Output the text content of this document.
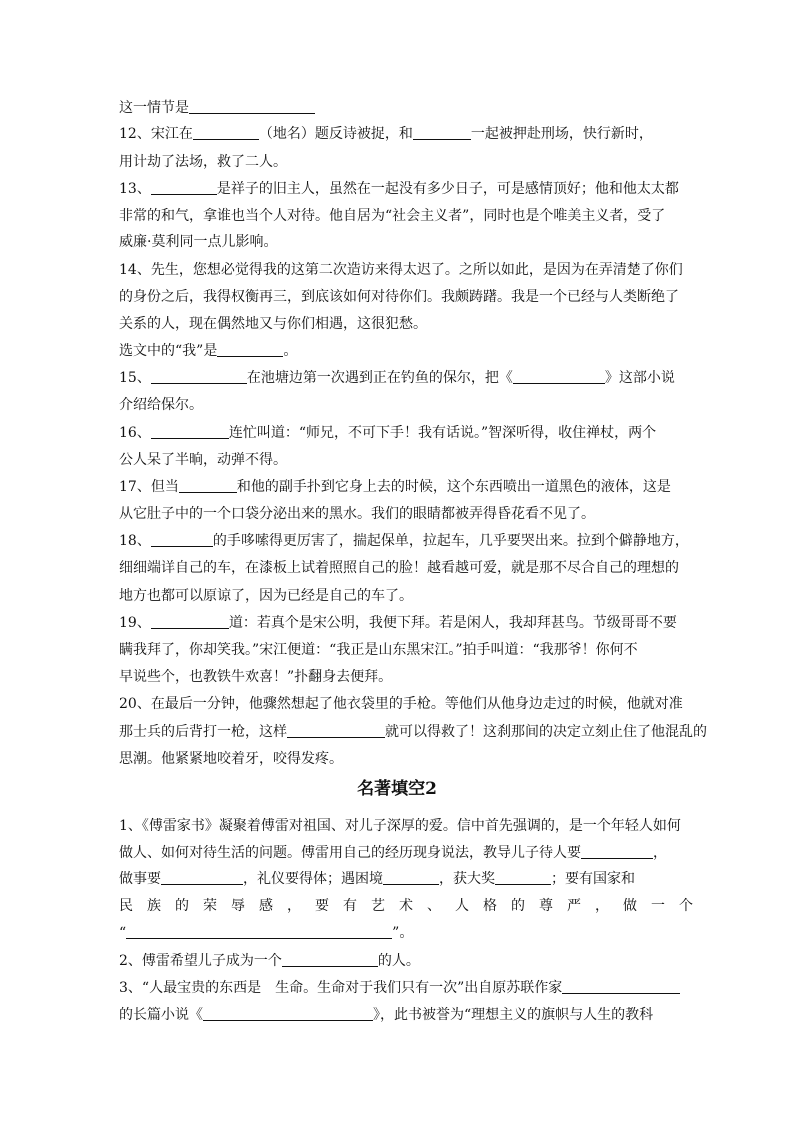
这一情节是
12、宋江在	（地名）题反诗被捉，和	一起被押赴刑场，快行新时，
用计劫了法场，救了二人。
13、	是祥子的旧主人，虽然在一起没有多少日子，可是感情顶好；他和他太太都
非常的和气，拿谁也当个人对待。他自居为“社会主义者”，同时也是个唯美主义者，受了
威廉·莫利同一点儿影响。
14、先生，您想必觉得我的这第二次造访来得太迟了。之所以如此，是因为在弄清楚了你们
的身份之后，我得权衡再三，到底该如何对待你们。我颇踌躇。我是一个已经与人类断绝了
关系的人，现在偶然地又与你们相遇，这很犯愁。
选文中的“我”是	。
15、	在池塘边第一次遇到正在钓鱼的保尔，把《	》这部小说
介绍给保尔。
16、	连忙叫道：“师兄，不可下手！我有话说。”智深听得，收住禅杖，两个
公人呆了半晌，动弹不得。
17、但当	和他的副手扑到它身上去的时候，这个东西喷出一道黑色的液体，这是
从它肚子中的一个口袋分泌出来的黑水。我们的眼睛都被弄得昏花看不见了。
18、	的手哆嗦得更厉害了，揣起保单，拉起车，几乎要哭出来。拉到个僻静地方，
细细端详自己的车，在漆板上试着照照自己的脸！越看越可爱，就是那不尽合自己的理想的
地方也都可以原谅了，因为已经是自己的车了。
19、	道：若真个是宋公明，我便下拜。若是闲人，我却拜甚鸟。节级哥哥不要
瞒我拜了，你却笑我。”宋江便道：“我正是山东黑宋江。”拍手叫道：“我那爷！你何不
早说些个，也教铁牛欢喜！”扑翻身去便拜。
20、在最后一分钟，他骤然想起了他衣袋里的手枪。等他们从他身边走过的时候，他就对准
那士兵的后背打一枪，这样	就可以得救了！这刹那间的决定立刻止住了他混乱的
思潮。他紧紧地咬着牙，咬得发疼。
名著填空2
1、《傅雷家书》凝聚着傅雷对祖国、对儿子深厚的爱。信中首先强调的，是一个年轻人如何
做人、如何对待生活的问题。傅雷用自己的经历现身说法，教导儿子待人要	，
做事要	，礼仪要得体；遇困境	，获大奖	；要有国家和
民族的荣辱感，要有艺术、人格的尊严，做一个
“	”。
2、傅雷希望儿子成为一个	的人。
3、“人最宝贵的东西是　生命。生命对于我们只有一次”出自原苏联作家
的长篇小说《	》，此书被誉为“理想主义的旗帜与人生的教科
